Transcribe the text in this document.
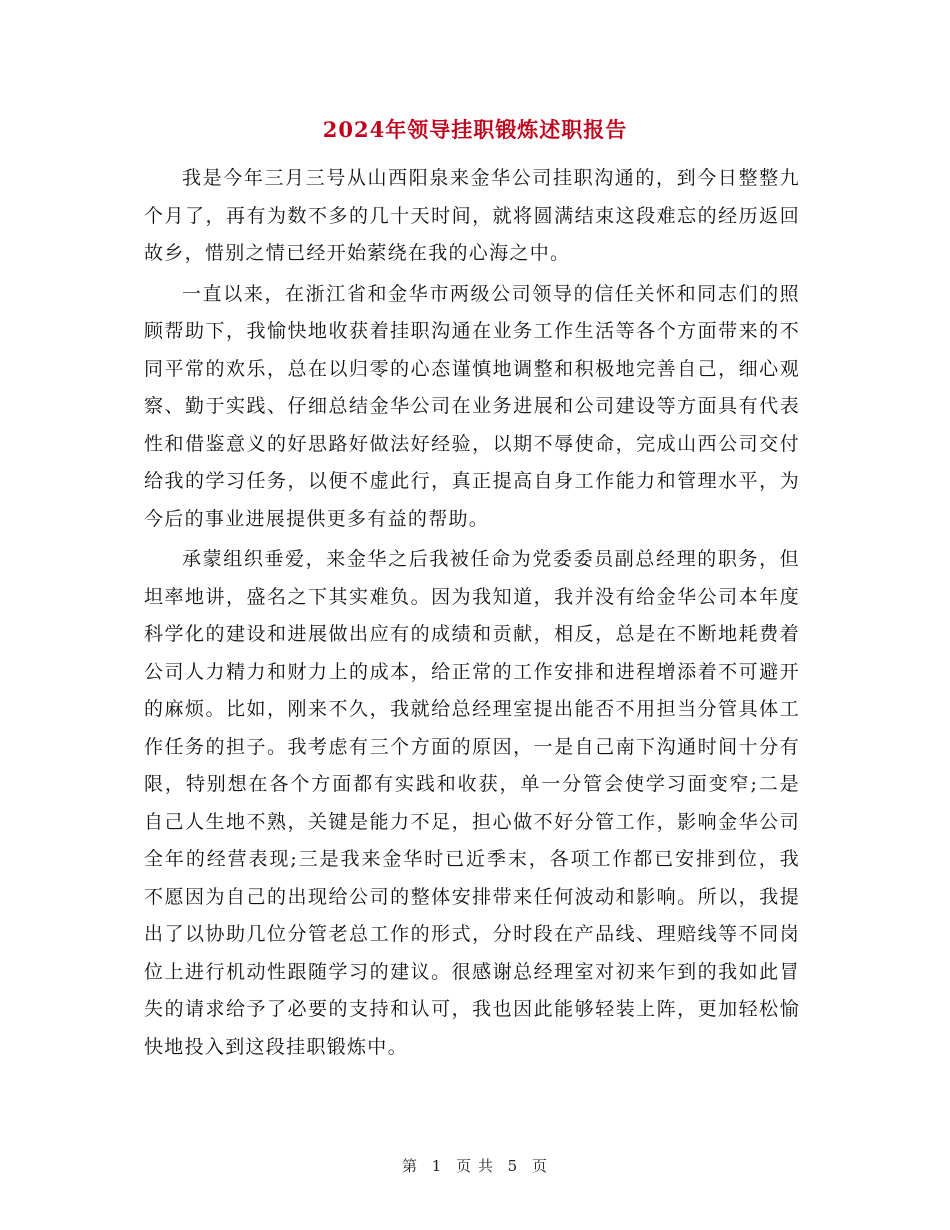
2024年领导挂职锻炼述职报告

我是今年三月三号从山西阳泉来金华公司挂职沟通的，到今日整整九个月了，再有为数不多的几十天时间，就将圆满结束这段难忘的经历返回故乡，惜别之情已经开始萦绕在我的心海之中。

一直以来，在浙江省和金华市两级公司领导的信任关怀和同志们的照顾帮助下，我愉快地收获着挂职沟通在业务工作生活等各个方面带来的不同平常的欢乐，总在以归零的心态谨慎地调整和积极地完善自己，细心观察、勤于实践、仔细总结金华公司在业务进展和公司建设等方面具有代表性和借鉴意义的好思路好做法好经验，以期不辱使命，完成山西公司交付给我的学习任务，以便不虚此行，真正提高自身工作能力和管理水平，为今后的事业进展提供更多有益的帮助。

承蒙组织垂爱，来金华之后我被任命为党委委员副总经理的职务，但坦率地讲，盛名之下其实难负。因为我知道，我并没有给金华公司本年度科学化的建设和进展做出应有的成绩和贡献，相反，总是在不断地耗费着公司人力精力和财力上的成本，给正常的工作安排和进程增添着不可避开的麻烦。比如，刚来不久，我就给总经理室提出能否不用担当分管具体工作任务的担子。我考虑有三个方面的原因，一是自己南下沟通时间十分有限，特别想在各个方面都有实践和收获，单一分管会使学习面变窄;二是自己人生地不熟，关键是能力不足，担心做不好分管工作，影响金华公司全年的经营表现;三是我来金华时已近季末，各项工作都已安排到位，我不愿因为自己的出现给公司的整体安排带来任何波动和影响。所以，我提出了以协助几位分管老总工作的形式，分时段在产品线、理赔线等不同岗位上进行机动性跟随学习的建议。很感谢总经理室对初来乍到的我如此冒失的请求给予了必要的支持和认可，我也因此能够轻装上阵，更加轻松愉快地投入到这段挂职锻炼中。

第 1 页 共 5 页
